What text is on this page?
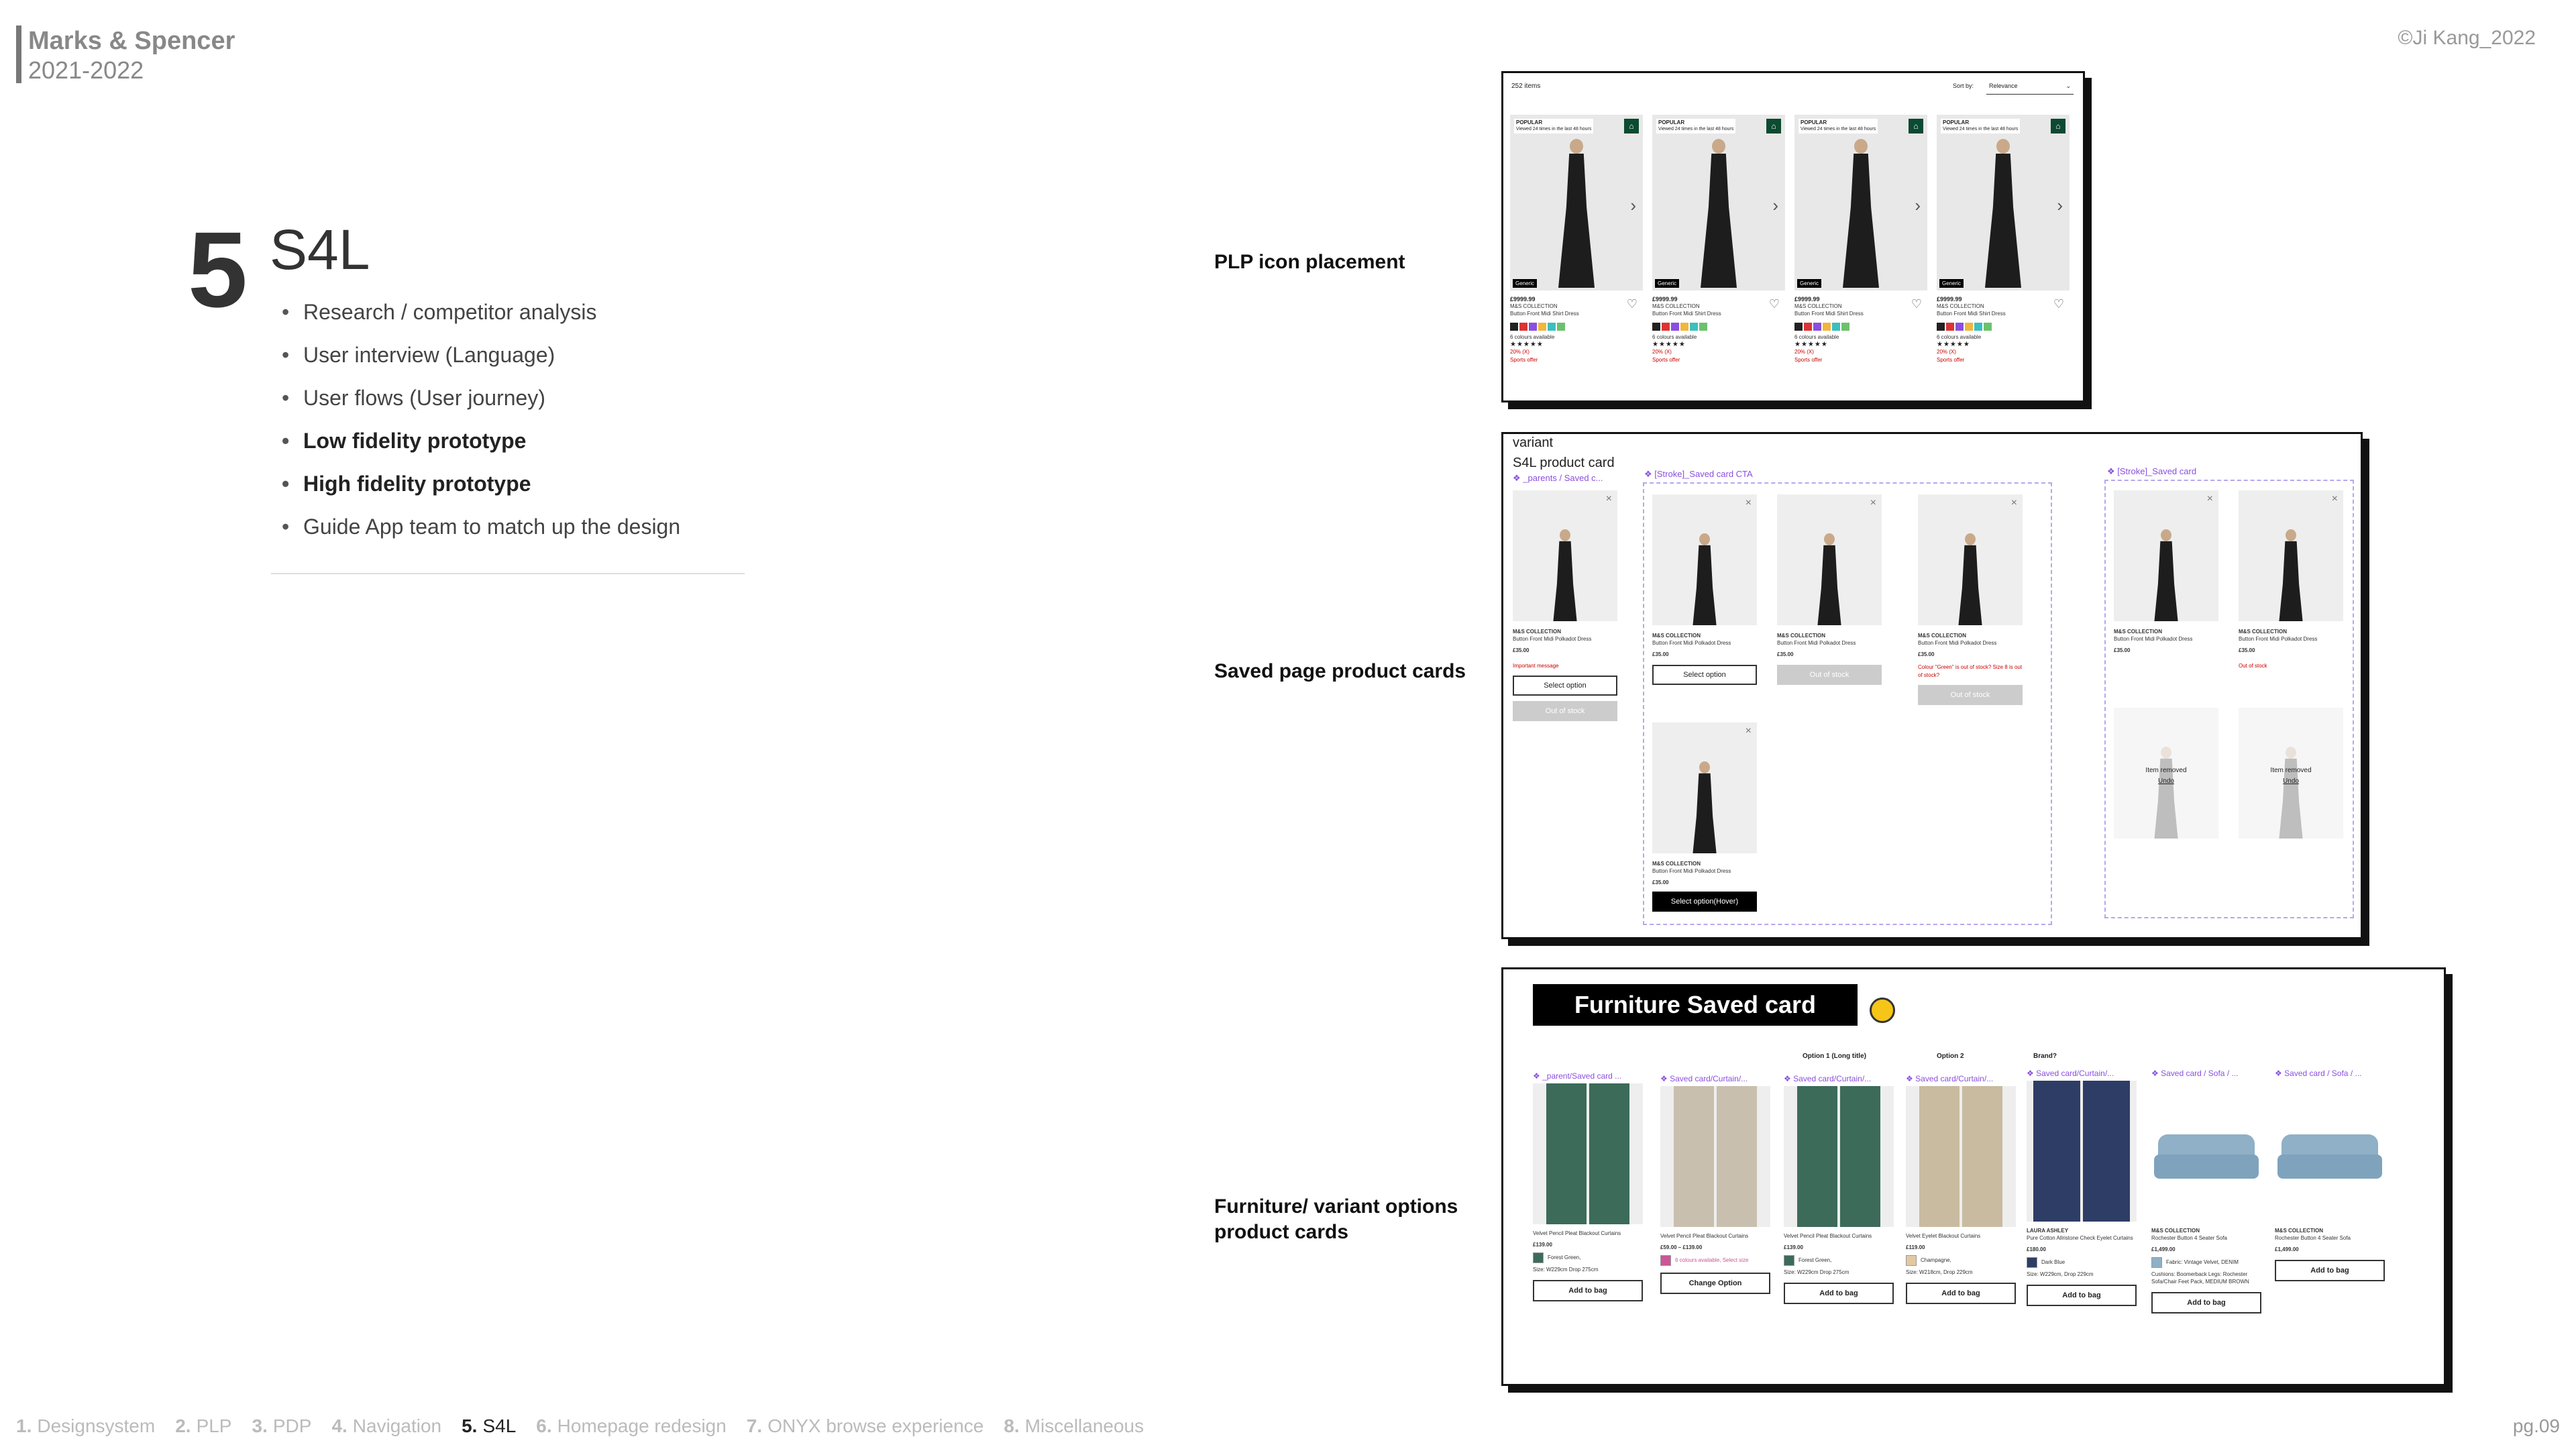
Marks & Spencer
2021-2022
©Ji Kang_2022
5 S4L
• Research / competitor analysis
• User interview (Language)
• User flows (User journey)
• Low fidelity prototype
• High fidelity prototype
• Guide App team to match up the design
PLP icon placement
Saved page product cards
Furniture/ variant options
product cards
252 items	Sort by:	Relevance	⌄
POPULAR
Viewed 24 times in the last 48 hours	⌂
›
Generic
♡
£9999.99
M&S COLLECTION
Button Front Midi Shirt Dress
6 colours available
★★★★★
20% (X)
Sports offer
POPULAR
Viewed 24 times in the last 48 hours	⌂
›
Generic
♡
£9999.99
M&S COLLECTION
Button Front Midi Shirt Dress
6 colours available
★★★★★
20% (X)
Sports offer
POPULAR
Viewed 24 times in the last 48 hours	⌂
›
Generic
♡
£9999.99
M&S COLLECTION
Button Front Midi Shirt Dress
6 colours available
★★★★★
20% (X)
Sports offer
POPULAR
Viewed 24 times in the last 48 hours	⌂
›
Generic
♡
£9999.99
M&S COLLECTION
Button Front Midi Shirt Dress
6 colours available
★★★★★
20% (X)
Sports offer
variant
S4L product card
❖ _parents / Saved c...	❖ [Stroke]_Saved card CTA	❖ [Stroke]_Saved card
×
M&S COLLECTION
Button Front Midi Polkadot Dress
£35.00
Important message
Select option
Out of stock
×
M&S COLLECTION
Button Front Midi Polkadot Dress
£35.00
Select option
×
M&S COLLECTION
Button Front Midi Polkadot Dress
£35.00
Out of stock
×
M&S COLLECTION
Button Front Midi Polkadot Dress
£35.00
Colour "Green" is out of stock? Size 8 is out of stock?
Out of stock
×
M&S COLLECTION
Button Front Midi Polkadot Dress
£35.00
Select option(Hover)
×
M&S COLLECTION
Button Front Midi Polkadot Dress
£35.00
×
M&S COLLECTION
Button Front Midi Polkadot Dress
£35.00
Out of stock
Item removed
Undo
Item removed
Undo
Furniture Saved card
Option 1 (Long title)	Option 2	Brand?
❖ _parent/Saved card ...
Velvet Pencil Pleat Blackout Curtains
£139.00
Forest Green,
Size: W229cm Drop 275cm
Add to bag
❖ Saved card/Curtain/...
Velvet Pencil Pleat Blackout Curtains
£59.00 – £139.00
6 colours available, Select size
Change Option
❖ Saved card/Curtain/...
Velvet Pencil Pleat Blackout Curtains
£139.00
Forest Green,
Size: W229cm Drop 275cm
Add to bag
❖ Saved card/Curtain/...
Velvet Eyelet Blackout Curtains
£119.00
Champagne,
Size: W218cm, Drop 229cm
Add to bag
❖ Saved card/Curtain/...
LAURA ASHLEY
Pure Cotton Allristone Check Eyelet Curtains
£180.00
Dark Blue
Size: W229cm, Drop 229cm
Add to bag
❖ Saved card / Sofa / ...
M&S COLLECTION
Rochester Button 4 Seater Sofa
£1,499.00
Fabric: Vintage Velvet, DENIM
Cushions: Boomerback Legs: Rochester Sofa/Chair Feet Pack, MEDIUM BROWN
Add to bag
❖ Saved card / Sofa / ...
M&S COLLECTION
Rochester Button 4 Seater Sofa
£1,499.00
Add to bag
1. Designsystem 2. PLP 3. PDP 4. Navigation 5. S4L 6. Homepage redesign 7. ONYX browse experience 8. Miscellaneous	pg.09
